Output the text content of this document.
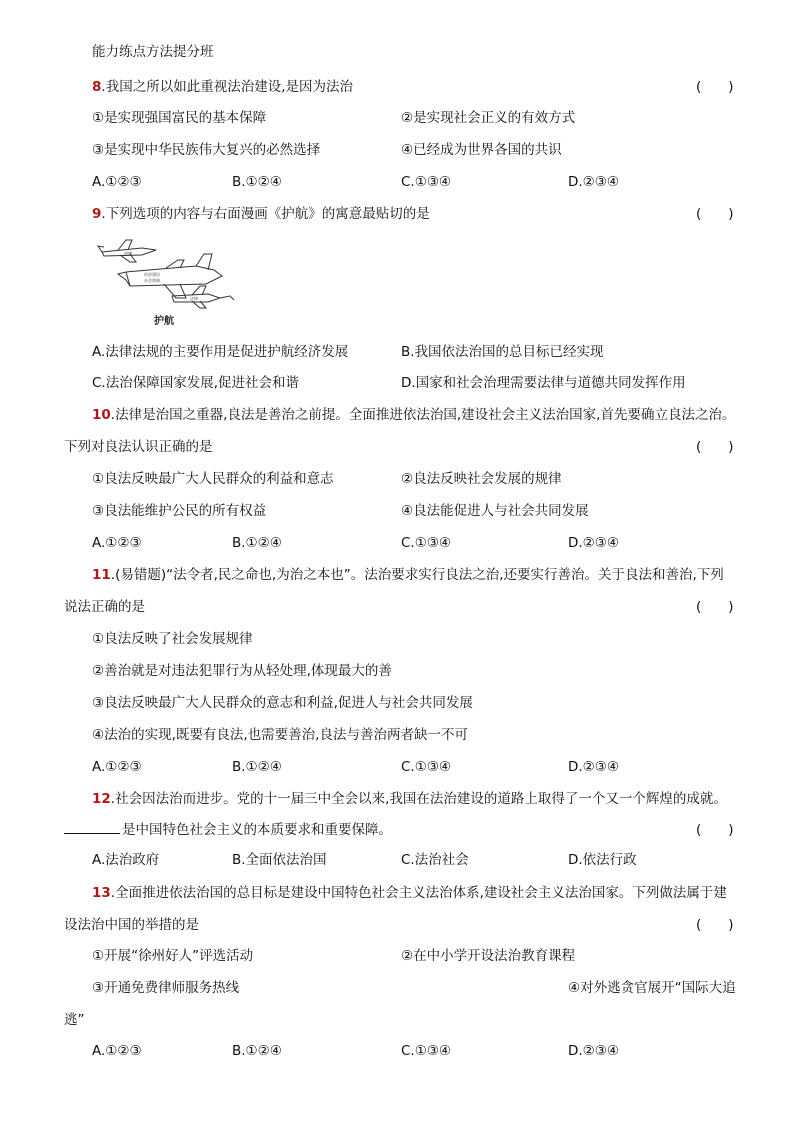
能力练点方法提分班
8.我国之所以如此重视法治建设,是因为法治	(　　)
①是实现强国富民的基本保障	②是实现社会正义的有效方式
③是实现中华民族伟大复兴的必然选择	④已经成为世界各国的共识
A.①②③	B.①②④	C.①③④	D.②③④
9.下列选项的内容与右面漫画《护航》的寓意最贴切的是	(　　)
道德
经济建设
社会和谐
法律
护航
A.法律法规的主要作用是促进护航经济发展	B.我国依法治国的总目标已经实现
C.法治保障国家发展,促进社会和谐	D.国家和社会治理需要法律与道德共同发挥作用
10.法律是治国之重器,良法是善治之前提。全面推进依法治国,建设社会主义法治国家,首先要确立良法之治。
下列对良法认识正确的是	(　　)
①良法反映最广大人民群众的利益和意志	②良法反映社会发展的规律
③良法能维护公民的所有权益	④良法能促进人与社会共同发展
A.①②③	B.①②④	C.①③④	D.②③④
11.(易错题)“法令者,民之命也,为治之本也”。法治要求实行良法之治,还要实行善治。关于良法和善治,下列
说法正确的是	(　　)
①良法反映了社会发展规律
②善治就是对违法犯罪行为从轻处理,体现最大的善
③良法反映最广大人民群众的意志和利益,促进人与社会共同发展
④法治的实现,既要有良法,也需要善治,良法与善治两者缺一不可
A.①②③	B.①②④	C.①③④	D.②③④
12.社会因法治而进步。党的十一届三中全会以来,我国在法治建设的道路上取得了一个又一个辉煌的成就。
是中国特色社会主义的本质要求和重要保障。	(　　)
A.法治政府	B.全面依法治国	C.法治社会	D.依法行政
13.全面推进依法治国的总目标是建设中国特色社会主义法治体系,建设社会主义法治国家。下列做法属于建
设法治中国的举措的是	(　　)
①开展“徐州好人”评选活动	②在中小学开设法治教育课程
③开通免费律师服务热线	④对外逃贪官展开“国际大追
逃”
A.①②③	B.①②④	C.①③④	D.②③④
